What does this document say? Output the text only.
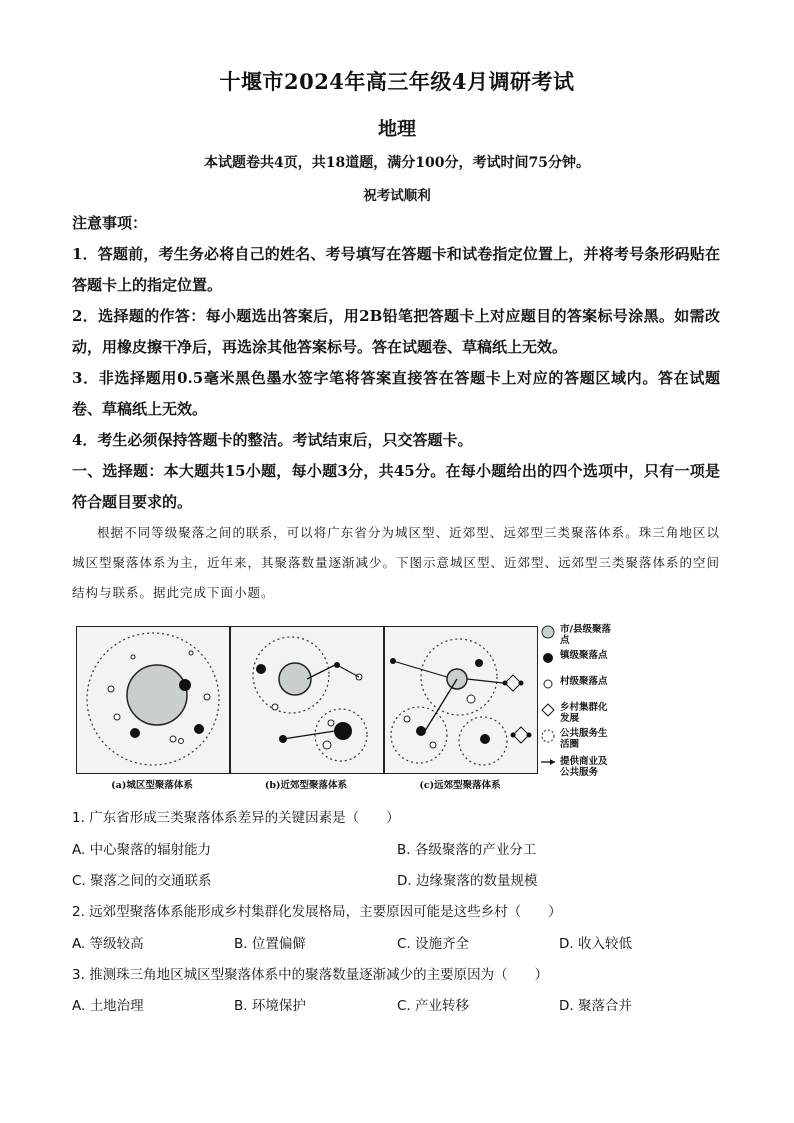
十堰市2024年高三年级4月调研考试
地理
本试题卷共4页，共18道题，满分100分，考试时间75分钟。
祝考试顺利
注意事项：
1．答题前，考生务必将自己的姓名、考号填写在答题卡和试卷指定位置上，并将考号条形码贴在答题卡上的指定位置。
2．选择题的作答：每小题选出答案后，用2B铅笔把答题卡上对应题目的答案标号涂黑。如需改动，用橡皮擦干净后，再选涂其他答案标号。答在试题卷、草稿纸上无效。
3．非选择题用0.5毫米黑色墨水签字笔将答案直接答在答题卡上对应的答题区域内。答在试题卷、草稿纸上无效。
4．考生必须保持答题卡的整洁。考试结束后，只交答题卡。
一、选择题：本大题共15小题，每小题3分，共45分。在每小题给出的四个选项中，只有一项是符合题目要求的。
根据不同等级聚落之间的联系，可以将广东省分为城区型、近郊型、远郊型三类聚落体系。珠三角地区以城区型聚落体系为主，近年来，其聚落数量逐渐减少。下图示意城区型、近郊型、远郊型三类聚落体系的空间结构与联系。据此完成下面小题。
(a)城区型聚落体系	(b)近郊型聚落体系	(c)远郊型聚落体系
市/县级聚落点
镇级聚落点
村级聚落点
乡村集群化发展
公共服务生活圈
提供商业及公共服务
1. 广东省形成三类聚落体系差异的关键因素是（　　）
A. 中心聚落的辐射能力	B. 各级聚落的产业分工
C. 聚落之间的交通联系	D. 边缘聚落的数量规模
2. 远郊型聚落体系能形成乡村集群化发展格局，主要原因可能是这些乡村（　　）
A. 等级较高	B. 位置偏僻	C. 设施齐全	D. 收入较低
3. 推测珠三角地区城区型聚落体系中的聚落数量逐渐减少的主要原因为（　　）
A. 土地治理	B. 环境保护	C. 产业转移	D. 聚落合并
